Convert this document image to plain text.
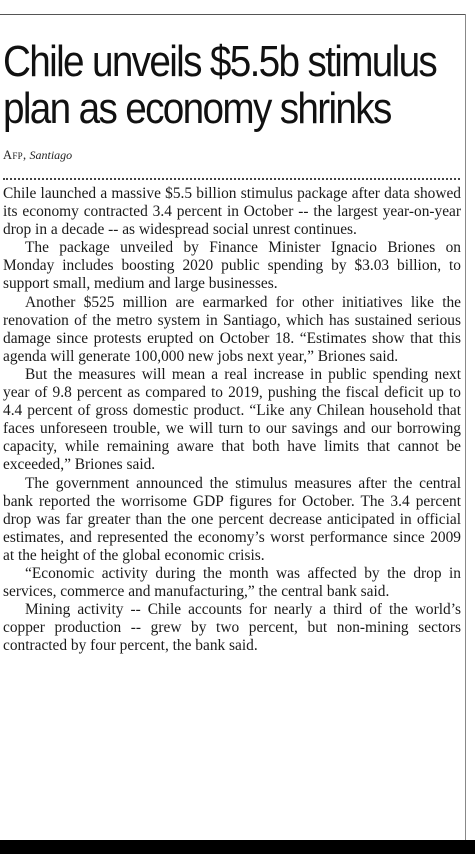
Chile unveils $5.5b stimulus plan as economy shrinks
Afp, Santiago

Chile launched a massive $5.5 billion stimulus package after data showed its economy contracted 3.4 percent in October -- the largest year-on-year drop in a decade -- as widespread social unrest continues.

The package unveiled by Finance Minister Ignacio Briones on Monday includes boosting 2020 public spending by $3.03 billion, to support small, medium and large businesses.

Another $525 million are earmarked for other initiatives like the renovation of the metro system in Santiago, which has sustained serious damage since protests erupted on October 18. “Estimates show that this agenda will generate 100,000 new jobs next year,” Briones said.

But the measures will mean a real increase in public spending next year of 9.8 percent as compared to 2019, pushing the fiscal deficit up to 4.4 percent of gross domestic product. “Like any Chilean household that faces unforeseen trouble, we will turn to our savings and our borrowing capacity, while remaining aware that both have limits that cannot be exceeded,” Briones said.

The government announced the stimulus measures after the central bank reported the worrisome GDP figures for October. The 3.4 percent drop was far greater than the one percent decrease anticipated in official estimates, and represented the economy’s worst performance since 2009 at the height of the global economic crisis.

“Economic activity during the month was affected by the drop in services, commerce and manufacturing,” the central bank said.

Mining activity -- Chile accounts for nearly a third of the world’s copper production -- grew by two percent, but non-mining sectors contracted by four percent, the bank said.
